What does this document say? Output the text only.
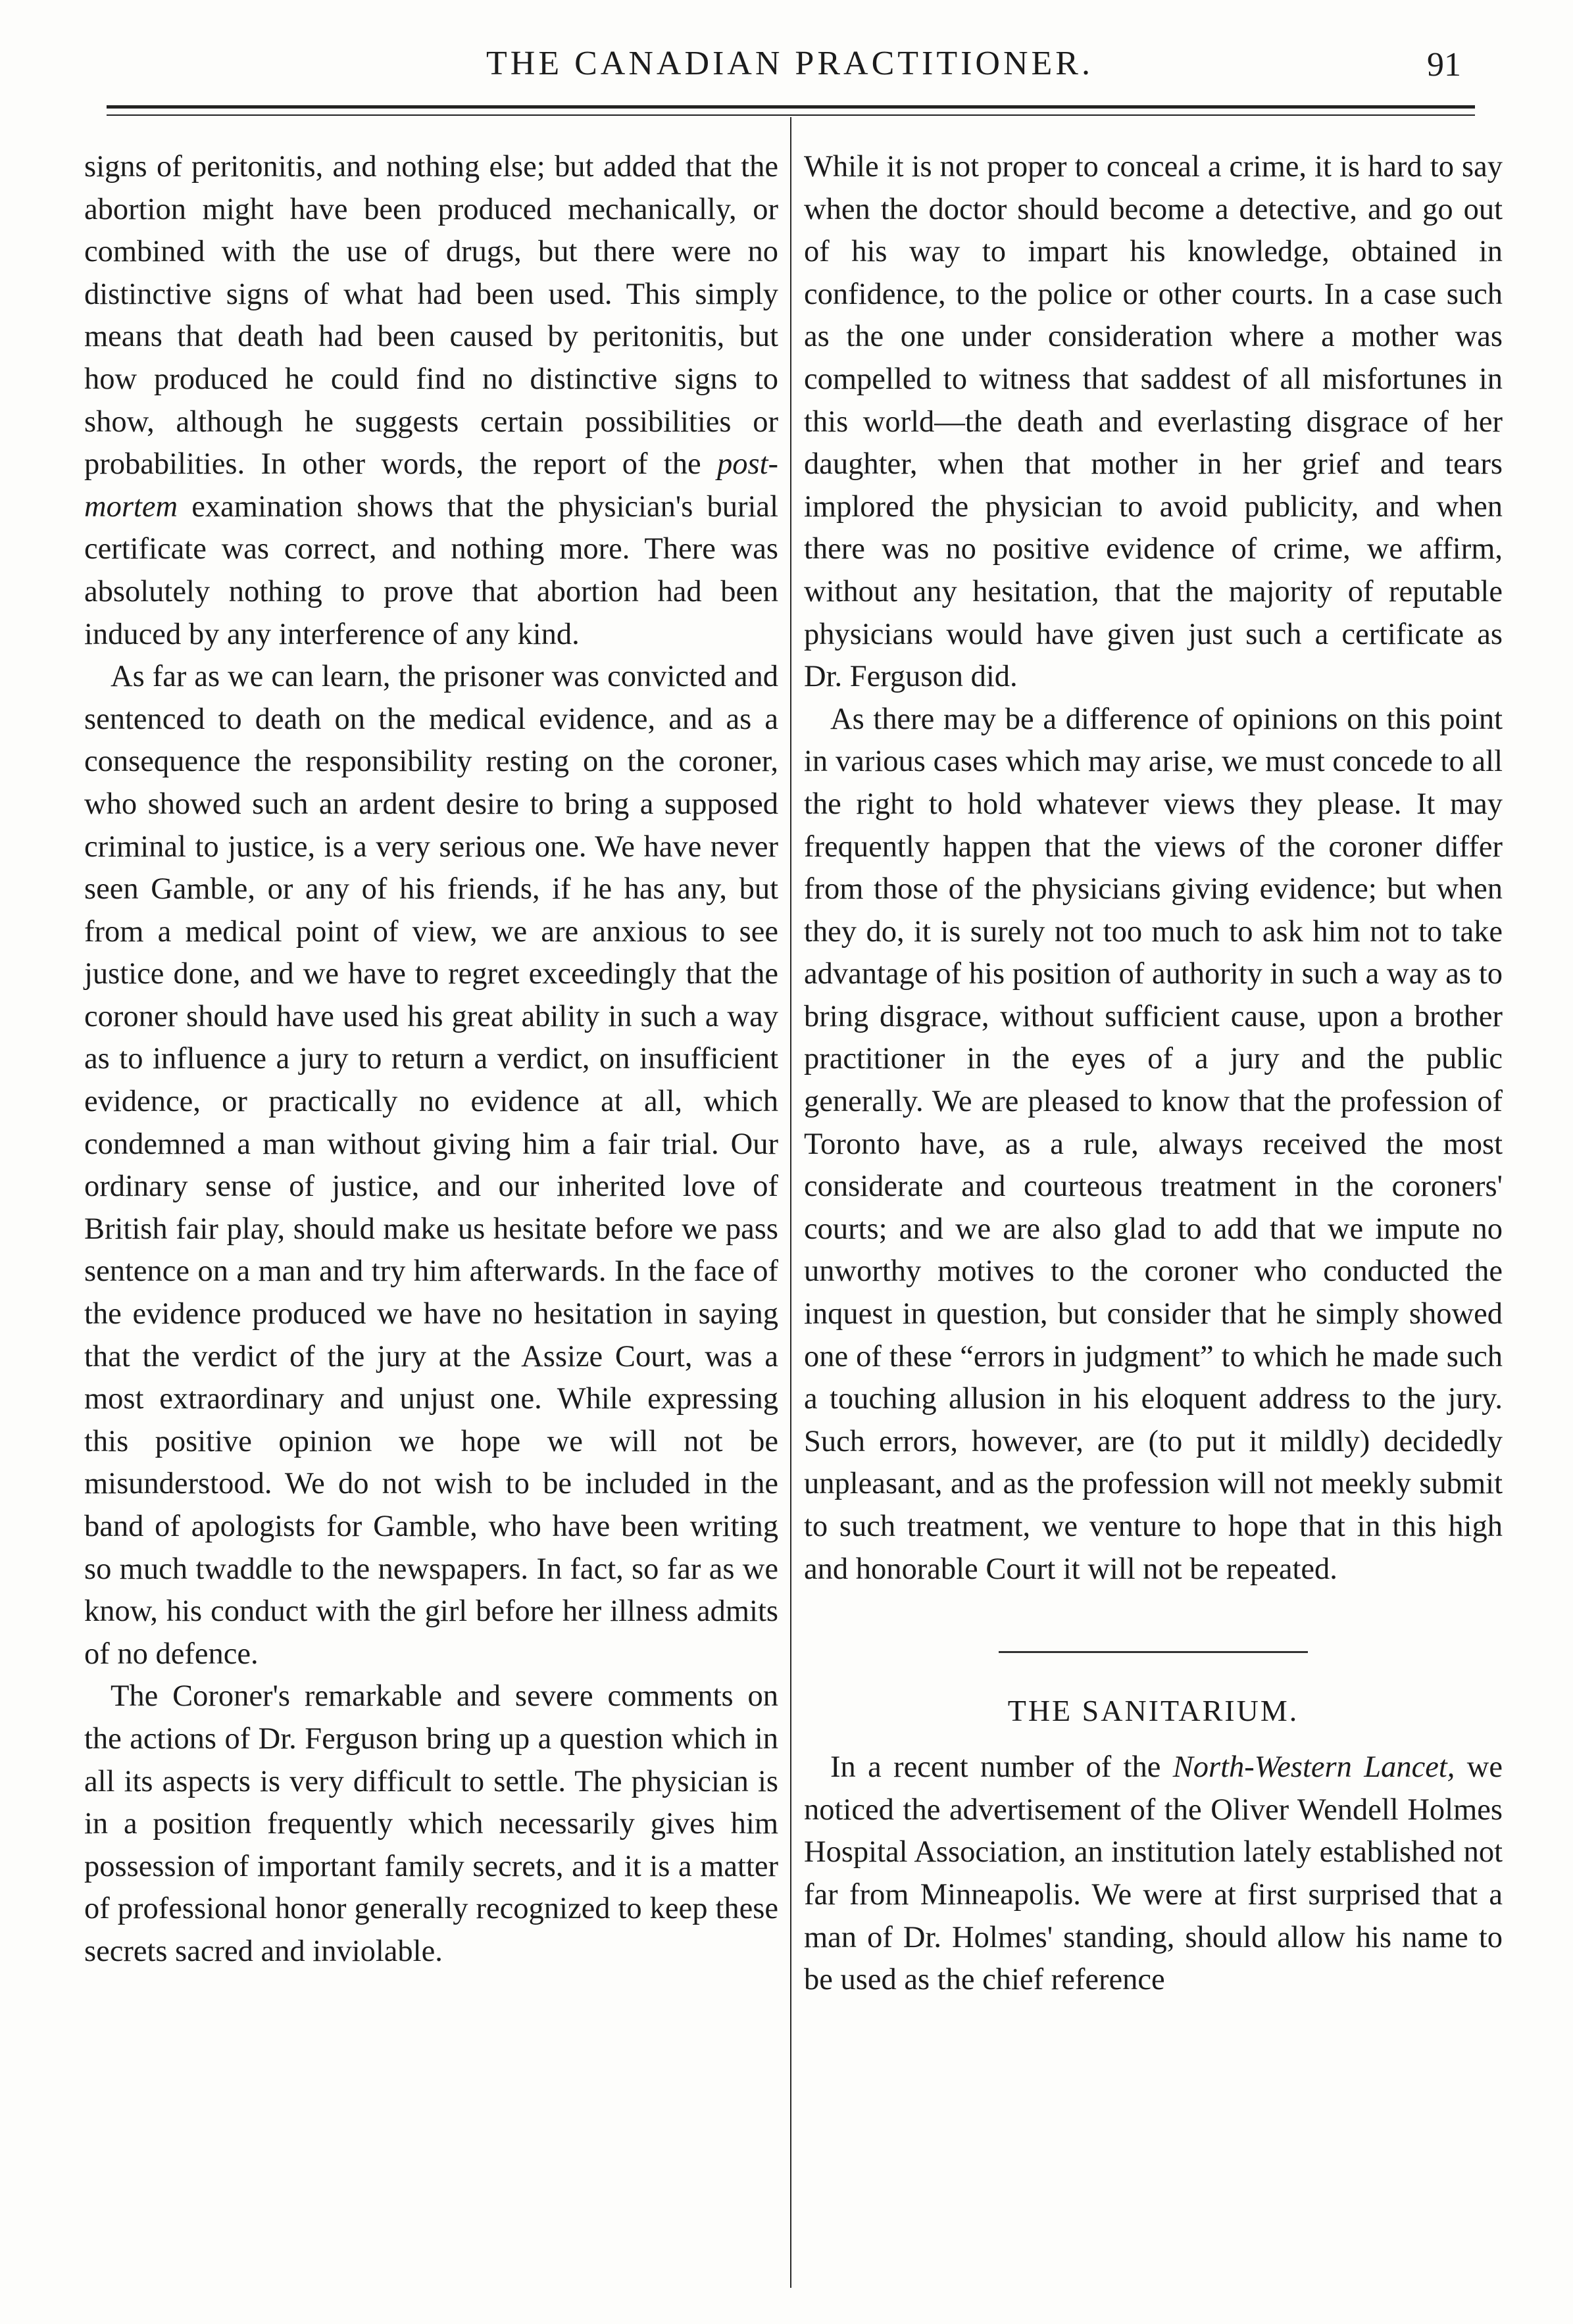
THE CANADIAN PRACTITIONER.	91

signs of peritonitis, and nothing else; but added that the abortion might have been produced mechanically, or combined with the use of drugs, but there were no distinctive signs of what had been used. This simply means that death had been caused by peritonitis, but how produced he could find no distinctive signs to show, although he suggests certain possibilities or probabilities. In other words, the report of the post-mortem examination shows that the physician's burial certificate was correct, and nothing more. There was absolutely nothing to prove that abortion had been induced by any interference of any kind.

As far as we can learn, the prisoner was convicted and sentenced to death on the medical evidence, and as a consequence the responsibility resting on the coroner, who showed such an ardent desire to bring a supposed criminal to justice, is a very serious one. We have never seen Gamble, or any of his friends, if he has any, but from a medical point of view, we are anxious to see justice done, and we have to regret exceedingly that the coroner should have used his great ability in such a way as to influence a jury to return a verdict, on insufficient evidence, or practically no evidence at all, which condemned a man without giving him a fair trial. Our ordinary sense of justice, and our inherited love of British fair play, should make us hesitate before we pass sentence on a man and try him afterwards. In the face of the evidence produced we have no hesitation in saying that the verdict of the jury at the Assize Court, was a most extraordinary and unjust one. While expressing this positive opinion we hope we will not be misunderstood. We do not wish to be included in the band of apologists for Gamble, who have been writing so much twaddle to the newspapers. In fact, so far as we know, his conduct with the girl before her illness admits of no defence.

The Coroner's remarkable and severe comments on the actions of Dr. Ferguson bring up a question which in all its aspects is very difficult to settle. The physician is in a position frequently which necessarily gives him possession of important family secrets, and it is a matter of professional honor generally recognized to keep these secrets sacred and inviolable.

While it is not proper to conceal a crime, it is hard to say when the doctor should become a detective, and go out of his way to impart his knowledge, obtained in confidence, to the police or other courts. In a case such as the one under consideration where a mother was compelled to witness that saddest of all misfortunes in this world—the death and everlasting disgrace of her daughter, when that mother in her grief and tears implored the physician to avoid publicity, and when there was no positive evidence of crime, we affirm, without any hesitation, that the majority of reputable physicians would have given just such a certificate as Dr. Ferguson did.

As there may be a difference of opinions on this point in various cases which may arise, we must concede to all the right to hold whatever views they please. It may frequently happen that the views of the coroner differ from those of the physicians giving evidence; but when they do, it is surely not too much to ask him not to take advantage of his position of authority in such a way as to bring disgrace, without sufficient cause, upon a brother practitioner in the eyes of a jury and the public generally. We are pleased to know that the profession of Toronto have, as a rule, always received the most considerate and courteous treatment in the coroners' courts; and we are also glad to add that we impute no unworthy motives to the coroner who conducted the inquest in question, but consider that he simply showed one of these “errors in judgment” to which he made such a touching allusion in his eloquent address to the jury. Such errors, however, are (to put it mildly) decidedly unpleasant, and as the profession will not meekly submit to such treatment, we venture to hope that in this high and honorable Court it will not be repeated.

THE SANITARIUM.

In a recent number of the North-Western Lancet, we noticed the advertisement of the Oliver Wendell Holmes Hospital Association, an institution lately established not far from Minneapolis. We were at first surprised that a man of Dr. Holmes' standing, should allow his name to be used as the chief reference
